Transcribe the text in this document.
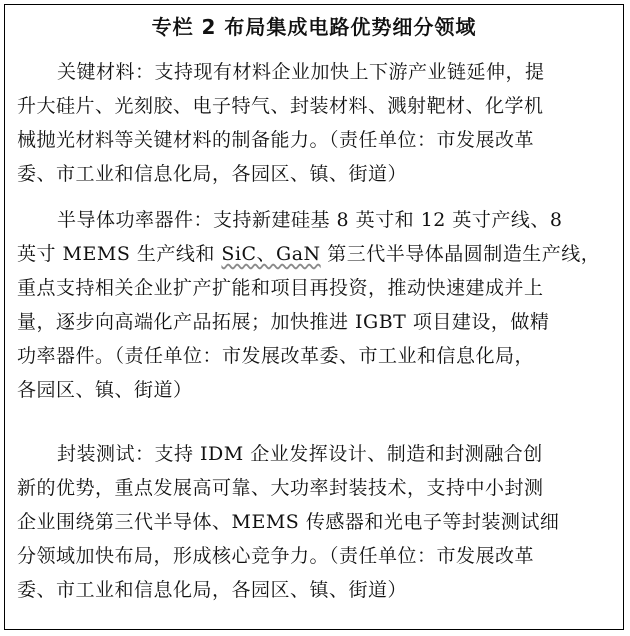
专栏 2 布局集成电路优势细分领域
关键材料：支持现有材料企业加快上下游产业链延伸，提
升大硅片、光刻胶、电子特气、封装材料、溅射靶材、化学机
械抛光材料等关键材料的制备能力。（责任单位：市发展改革
委、市工业和信息化局，各园区、镇、街道）
半导体功率器件：支持新建硅基 8 英寸和 12 英寸产线、8
英寸 MEMS 生产线和 SiC、GaN 第三代半导体晶圆制造生产线，
重点支持相关企业扩产扩能和项目再投资，推动快速建成并上
量，逐步向高端化产品拓展；加快推进 IGBT 项目建设，做精
功率器件。（责任单位：市发展改革委、市工业和信息化局，
各园区、镇、街道）
封装测试：支持 IDM 企业发挥设计、制造和封测融合创
新的优势，重点发展高可靠、大功率封装技术，支持中小封测
企业围绕第三代半导体、MEMS 传感器和光电子等封装测试细
分领域加快布局，形成核心竞争力。（责任单位：市发展改革
委、市工业和信息化局，各园区、镇、街道）
